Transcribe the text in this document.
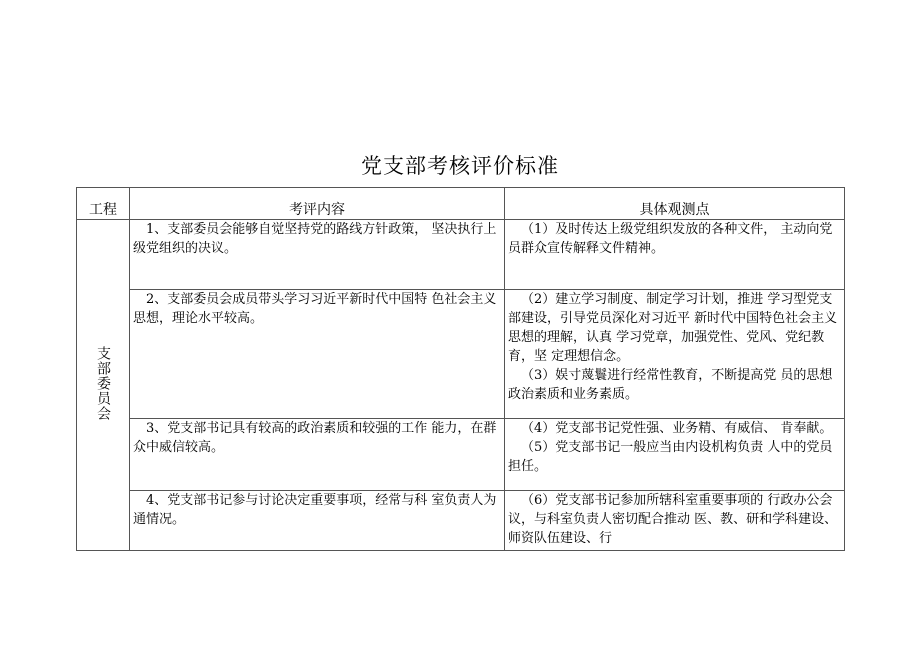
党支部考核评价标准
工程	考评内容	具体观测点
支部委员会	1、支部委员会能够自觉坚持党的路线方针政策， 坚决执行上级党组织的决议。	（1）及时传达上级党组织发放的各种文件， 主动向党员群众宣传解释文件精神。

	2、支部委员会成员带头学习习近平新时代中国特 色社会主义思想，理论水平较高。	（2）建立学习制度、制定学习计划，推进 学习型党支部建设，引导党员深化对习近平 新时代中国特色社会主义思想的理解，认真 学习党章，加强党性、党风、党纪教育，坚 定理想信念。
（3）娱寸蔑鬟进行经常性教育，不断提高党 员的思想政治素质和业务素质。

	3、党支部书记具有较高的政治素质和较强的工作 能力，在群众中威信较高。	（4）党支部书记党性强、业务精、有威信、 肯奉献。
（5）党支部书记一般应当由内设机构负责 人中的党员担任。

	4、党支部书记参与讨论决定重要事项，经常与科 室负责人为通情况。	（6）党支部书记参加所辖科室重要事项的 行政办公会议，与科室负责人密切配合推动 医、教、研和学科建设、师资队伍建设、行
